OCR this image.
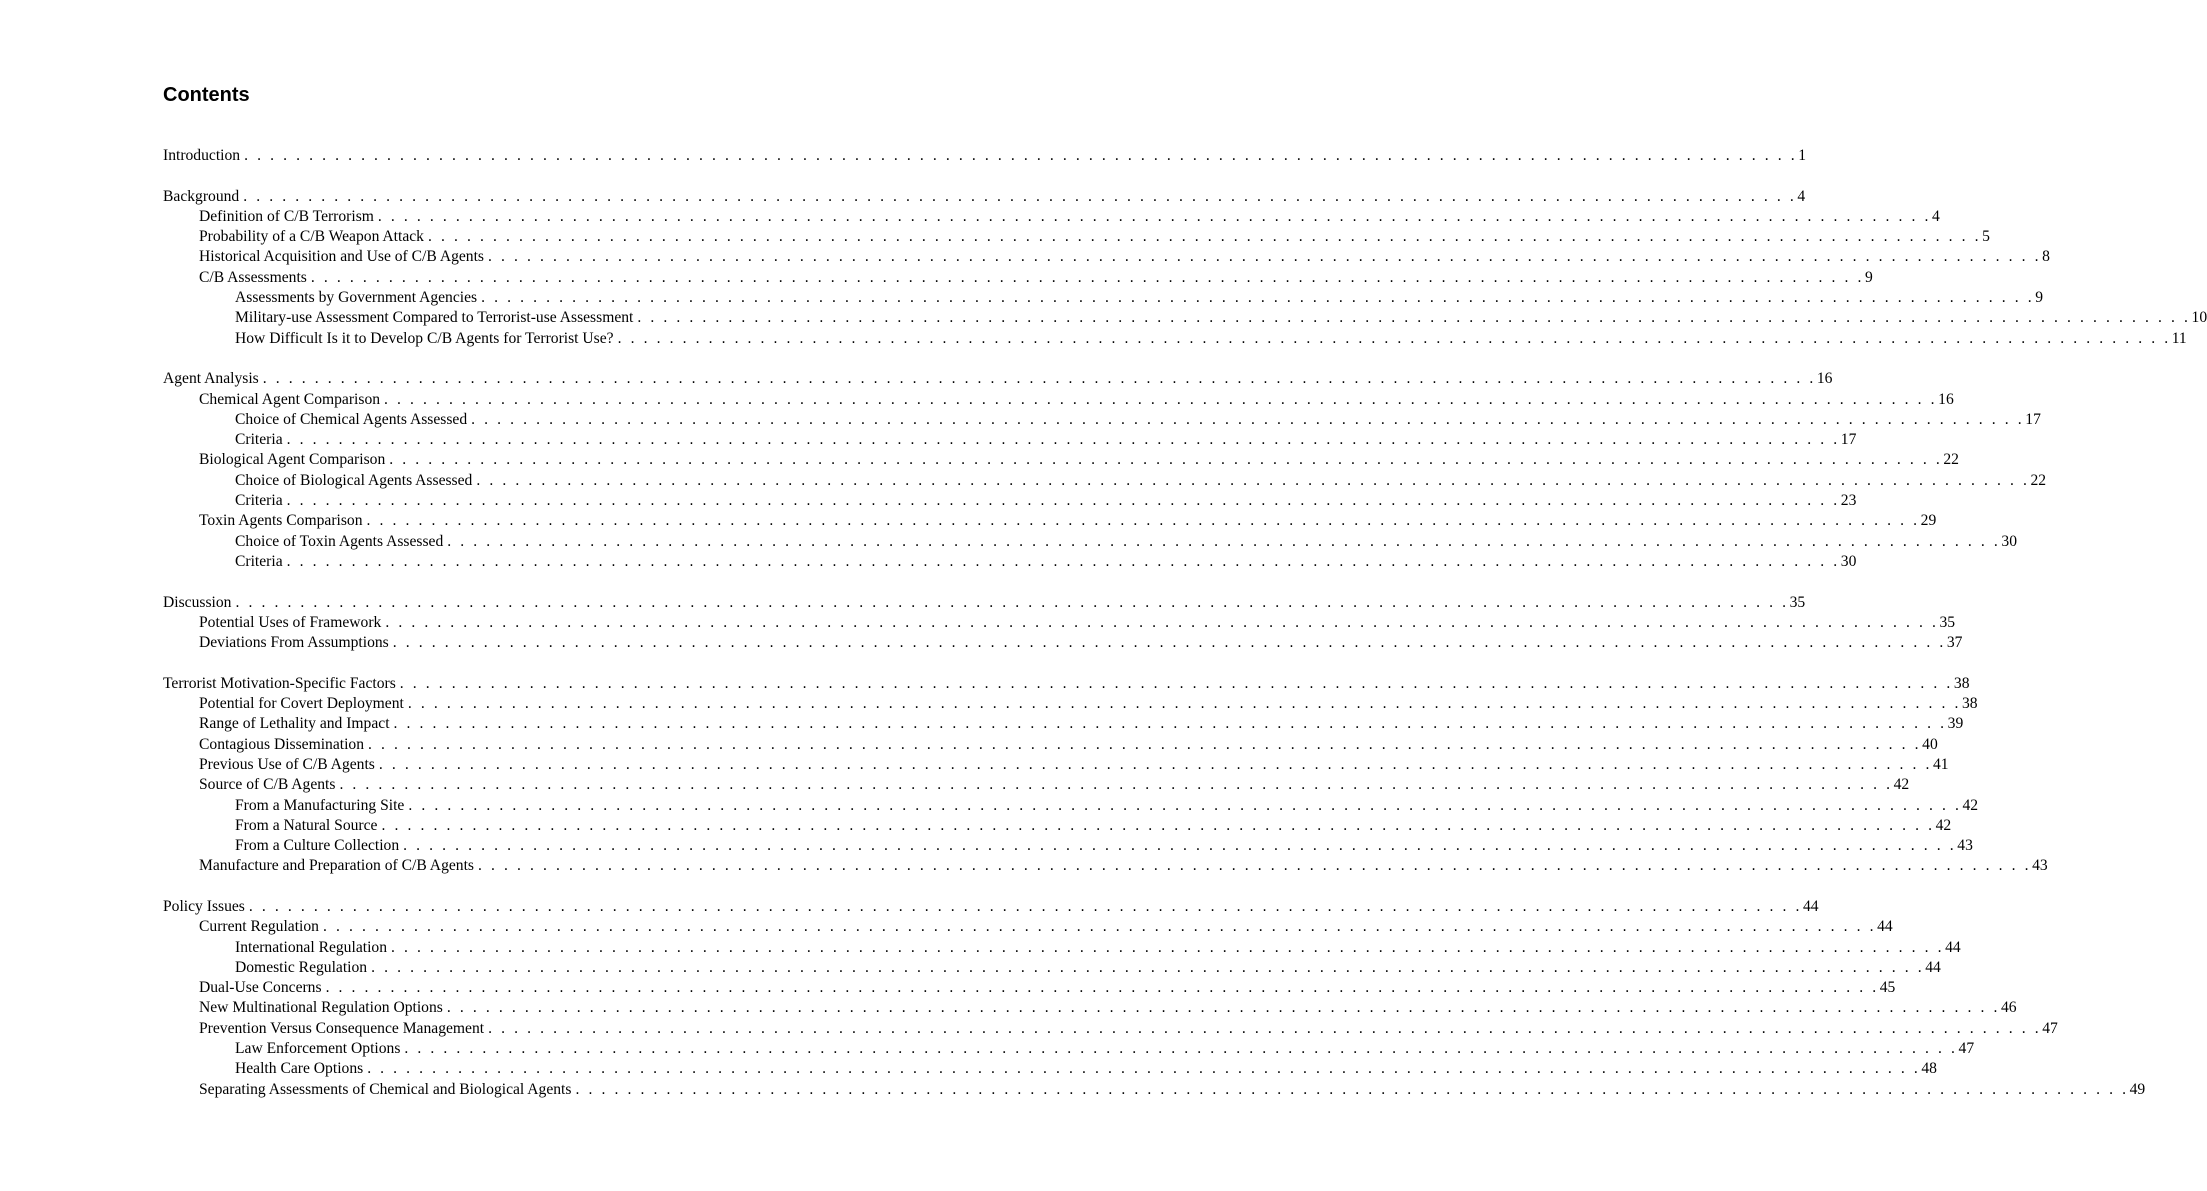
Contents
Introduction . . . . . . . . . . . . . . . . . . . . . . . . . . . . . . . . . . . . . . . . . . . . . . . . . . . . . . . . . . . . . . . . . . . . . . . . . . . . . . . . . . . . . . . . . . . . . . . . . . . . . . . . . . . . . . . . . . . . . . . . 1
Background . . . . . . . . . . . . . . . . . . . . . . . . . . . . . . . . . . . . . . . . . . . . . . . . . . . . . . . . . . . . . . . . . . . . . . . . . . . . . . . . . . . . . . . . . . . . . . . . . . . . . . . . . . . . . . . . . . . . . . . . 4
Definition of C/B Terrorism . . . . . . . . . . . . . . . . . . . . . . . . . . . . . . . . . . . . . . . . . . . . . . . . . . . . . . . . . . . . . . . . . . . . . . . . . . . . . . . . . . . . . . . . . . . . . . . . . . . . . . . . . . . . . . . . . . . . . . . . 4
Probability of a C/B Weapon Attack . . . . . . . . . . . . . . . . . . . . . . . . . . . . . . . . . . . . . . . . . . . . . . . . . . . . . . . . . . . . . . . . . . . . . . . . . . . . . . . . . . . . . . . . . . . . . . . . . . . . . . . . . . . . . . . . . . . . . . . . 5
Historical Acquisition and Use of C/B Agents . . . . . . . . . . . . . . . . . . . . . . . . . . . . . . . . . . . . . . . . . . . . . . . . . . . . . . . . . . . . . . . . . . . . . . . . . . . . . . . . . . . . . . . . . . . . . . . . . . . . . . . . . . . . . . . . . . . . . . . . 8
C/B Assessments . . . . . . . . . . . . . . . . . . . . . . . . . . . . . . . . . . . . . . . . . . . . . . . . . . . . . . . . . . . . . . . . . . . . . . . . . . . . . . . . . . . . . . . . . . . . . . . . . . . . . . . . . . . . . . . . . . . . . . . . 9
Assessments by Government Agencies . . . . . . . . . . . . . . . . . . . . . . . . . . . . . . . . . . . . . . . . . . . . . . . . . . . . . . . . . . . . . . . . . . . . . . . . . . . . . . . . . . . . . . . . . . . . . . . . . . . . . . . . . . . . . . . . . . . . . . . . 9
Military-use Assessment Compared to Terrorist-use Assessment . . . . . . . . . . . . . . . . . . . . . . . . . . . . . . . . . . . . . . . . . . . . . . . . . . . . . . . . . . . . . . . . . . . . . . . . . . . . . . . . . . . . . . . . . . . . . . . . . . . . . . . . . . . . . . . . . . . . . . . . 10
How Difficult Is it to Develop C/B Agents for Terrorist Use? . . . . . . . . . . . . . . . . . . . . . . . . . . . . . . . . . . . . . . . . . . . . . . . . . . . . . . . . . . . . . . . . . . . . . . . . . . . . . . . . . . . . . . . . . . . . . . . . . . . . . . . . . . . . . . . . . . . . . . . . 11
Agent Analysis . . . . . . . . . . . . . . . . . . . . . . . . . . . . . . . . . . . . . . . . . . . . . . . . . . . . . . . . . . . . . . . . . . . . . . . . . . . . . . . . . . . . . . . . . . . . . . . . . . . . . . . . . . . . . . . . . . . . . . . . 16
Chemical Agent Comparison . . . . . . . . . . . . . . . . . . . . . . . . . . . . . . . . . . . . . . . . . . . . . . . . . . . . . . . . . . . . . . . . . . . . . . . . . . . . . . . . . . . . . . . . . . . . . . . . . . . . . . . . . . . . . . . . . . . . . . . . 16
Choice of Chemical Agents Assessed . . . . . . . . . . . . . . . . . . . . . . . . . . . . . . . . . . . . . . . . . . . . . . . . . . . . . . . . . . . . . . . . . . . . . . . . . . . . . . . . . . . . . . . . . . . . . . . . . . . . . . . . . . . . . . . . . . . . . . . . 17
Criteria . . . . . . . . . . . . . . . . . . . . . . . . . . . . . . . . . . . . . . . . . . . . . . . . . . . . . . . . . . . . . . . . . . . . . . . . . . . . . . . . . . . . . . . . . . . . . . . . . . . . . . . . . . . . . . . . . . . . . . . . 17
Biological Agent Comparison . . . . . . . . . . . . . . . . . . . . . . . . . . . . . . . . . . . . . . . . . . . . . . . . . . . . . . . . . . . . . . . . . . . . . . . . . . . . . . . . . . . . . . . . . . . . . . . . . . . . . . . . . . . . . . . . . . . . . . . . 22
Choice of Biological Agents Assessed . . . . . . . . . . . . . . . . . . . . . . . . . . . . . . . . . . . . . . . . . . . . . . . . . . . . . . . . . . . . . . . . . . . . . . . . . . . . . . . . . . . . . . . . . . . . . . . . . . . . . . . . . . . . . . . . . . . . . . . . 22
Criteria . . . . . . . . . . . . . . . . . . . . . . . . . . . . . . . . . . . . . . . . . . . . . . . . . . . . . . . . . . . . . . . . . . . . . . . . . . . . . . . . . . . . . . . . . . . . . . . . . . . . . . . . . . . . . . . . . . . . . . . . 23
Toxin Agents Comparison . . . . . . . . . . . . . . . . . . . . . . . . . . . . . . . . . . . . . . . . . . . . . . . . . . . . . . . . . . . . . . . . . . . . . . . . . . . . . . . . . . . . . . . . . . . . . . . . . . . . . . . . . . . . . . . . . . . . . . . . 29
Choice of Toxin Agents Assessed . . . . . . . . . . . . . . . . . . . . . . . . . . . . . . . . . . . . . . . . . . . . . . . . . . . . . . . . . . . . . . . . . . . . . . . . . . . . . . . . . . . . . . . . . . . . . . . . . . . . . . . . . . . . . . . . . . . . . . . . 30
Criteria . . . . . . . . . . . . . . . . . . . . . . . . . . . . . . . . . . . . . . . . . . . . . . . . . . . . . . . . . . . . . . . . . . . . . . . . . . . . . . . . . . . . . . . . . . . . . . . . . . . . . . . . . . . . . . . . . . . . . . . . 30
Discussion . . . . . . . . . . . . . . . . . . . . . . . . . . . . . . . . . . . . . . . . . . . . . . . . . . . . . . . . . . . . . . . . . . . . . . . . . . . . . . . . . . . . . . . . . . . . . . . . . . . . . . . . . . . . . . . . . . . . . . . . 35
Potential Uses of Framework . . . . . . . . . . . . . . . . . . . . . . . . . . . . . . . . . . . . . . . . . . . . . . . . . . . . . . . . . . . . . . . . . . . . . . . . . . . . . . . . . . . . . . . . . . . . . . . . . . . . . . . . . . . . . . . . . . . . . . . . 35
Deviations From Assumptions . . . . . . . . . . . . . . . . . . . . . . . . . . . . . . . . . . . . . . . . . . . . . . . . . . . . . . . . . . . . . . . . . . . . . . . . . . . . . . . . . . . . . . . . . . . . . . . . . . . . . . . . . . . . . . . . . . . . . . . . 37
Terrorist Motivation-Specific Factors . . . . . . . . . . . . . . . . . . . . . . . . . . . . . . . . . . . . . . . . . . . . . . . . . . . . . . . . . . . . . . . . . . . . . . . . . . . . . . . . . . . . . . . . . . . . . . . . . . . . . . . . . . . . . . . . . . . . . . . . 38
Potential for Covert Deployment . . . . . . . . . . . . . . . . . . . . . . . . . . . . . . . . . . . . . . . . . . . . . . . . . . . . . . . . . . . . . . . . . . . . . . . . . . . . . . . . . . . . . . . . . . . . . . . . . . . . . . . . . . . . . . . . . . . . . . . . 38
Range of Lethality and Impact . . . . . . . . . . . . . . . . . . . . . . . . . . . . . . . . . . . . . . . . . . . . . . . . . . . . . . . . . . . . . . . . . . . . . . . . . . . . . . . . . . . . . . . . . . . . . . . . . . . . . . . . . . . . . . . . . . . . . . . . 39
Contagious Dissemination . . . . . . . . . . . . . . . . . . . . . . . . . . . . . . . . . . . . . . . . . . . . . . . . . . . . . . . . . . . . . . . . . . . . . . . . . . . . . . . . . . . . . . . . . . . . . . . . . . . . . . . . . . . . . . . . . . . . . . . . 40
Previous Use of C/B Agents . . . . . . . . . . . . . . . . . . . . . . . . . . . . . . . . . . . . . . . . . . . . . . . . . . . . . . . . . . . . . . . . . . . . . . . . . . . . . . . . . . . . . . . . . . . . . . . . . . . . . . . . . . . . . . . . . . . . . . . . 41
Source of C/B Agents . . . . . . . . . . . . . . . . . . . . . . . . . . . . . . . . . . . . . . . . . . . . . . . . . . . . . . . . . . . . . . . . . . . . . . . . . . . . . . . . . . . . . . . . . . . . . . . . . . . . . . . . . . . . . . . . . . . . . . . . 42
From a Manufacturing Site . . . . . . . . . . . . . . . . . . . . . . . . . . . . . . . . . . . . . . . . . . . . . . . . . . . . . . . . . . . . . . . . . . . . . . . . . . . . . . . . . . . . . . . . . . . . . . . . . . . . . . . . . . . . . . . . . . . . . . . . 42
From a Natural Source . . . . . . . . . . . . . . . . . . . . . . . . . . . . . . . . . . . . . . . . . . . . . . . . . . . . . . . . . . . . . . . . . . . . . . . . . . . . . . . . . . . . . . . . . . . . . . . . . . . . . . . . . . . . . . . . . . . . . . . . 42
From a Culture Collection . . . . . . . . . . . . . . . . . . . . . . . . . . . . . . . . . . . . . . . . . . . . . . . . . . . . . . . . . . . . . . . . . . . . . . . . . . . . . . . . . . . . . . . . . . . . . . . . . . . . . . . . . . . . . . . . . . . . . . . . 43
Manufacture and Preparation of C/B Agents . . . . . . . . . . . . . . . . . . . . . . . . . . . . . . . . . . . . . . . . . . . . . . . . . . . . . . . . . . . . . . . . . . . . . . . . . . . . . . . . . . . . . . . . . . . . . . . . . . . . . . . . . . . . . . . . . . . . . . . . 43
Policy Issues . . . . . . . . . . . . . . . . . . . . . . . . . . . . . . . . . . . . . . . . . . . . . . . . . . . . . . . . . . . . . . . . . . . . . . . . . . . . . . . . . . . . . . . . . . . . . . . . . . . . . . . . . . . . . . . . . . . . . . . . 44
Current Regulation . . . . . . . . . . . . . . . . . . . . . . . . . . . . . . . . . . . . . . . . . . . . . . . . . . . . . . . . . . . . . . . . . . . . . . . . . . . . . . . . . . . . . . . . . . . . . . . . . . . . . . . . . . . . . . . . . . . . . . . . 44
International Regulation . . . . . . . . . . . . . . . . . . . . . . . . . . . . . . . . . . . . . . . . . . . . . . . . . . . . . . . . . . . . . . . . . . . . . . . . . . . . . . . . . . . . . . . . . . . . . . . . . . . . . . . . . . . . . . . . . . . . . . . . 44
Domestic Regulation . . . . . . . . . . . . . . . . . . . . . . . . . . . . . . . . . . . . . . . . . . . . . . . . . . . . . . . . . . . . . . . . . . . . . . . . . . . . . . . . . . . . . . . . . . . . . . . . . . . . . . . . . . . . . . . . . . . . . . . . 44
Dual-Use Concerns . . . . . . . . . . . . . . . . . . . . . . . . . . . . . . . . . . . . . . . . . . . . . . . . . . . . . . . . . . . . . . . . . . . . . . . . . . . . . . . . . . . . . . . . . . . . . . . . . . . . . . . . . . . . . . . . . . . . . . . . 45
New Multinational Regulation Options . . . . . . . . . . . . . . . . . . . . . . . . . . . . . . . . . . . . . . . . . . . . . . . . . . . . . . . . . . . . . . . . . . . . . . . . . . . . . . . . . . . . . . . . . . . . . . . . . . . . . . . . . . . . . . . . . . . . . . . . 46
Prevention Versus Consequence Management . . . . . . . . . . . . . . . . . . . . . . . . . . . . . . . . . . . . . . . . . . . . . . . . . . . . . . . . . . . . . . . . . . . . . . . . . . . . . . . . . . . . . . . . . . . . . . . . . . . . . . . . . . . . . . . . . . . . . . . . 47
Law Enforcement Options . . . . . . . . . . . . . . . . . . . . . . . . . . . . . . . . . . . . . . . . . . . . . . . . . . . . . . . . . . . . . . . . . . . . . . . . . . . . . . . . . . . . . . . . . . . . . . . . . . . . . . . . . . . . . . . . . . . . . . . . 47
Health Care Options . . . . . . . . . . . . . . . . . . . . . . . . . . . . . . . . . . . . . . . . . . . . . . . . . . . . . . . . . . . . . . . . . . . . . . . . . . . . . . . . . . . . . . . . . . . . . . . . . . . . . . . . . . . . . . . . . . . . . . . . 48
Separating Assessments of Chemical and Biological Agents . . . . . . . . . . . . . . . . . . . . . . . . . . . . . . . . . . . . . . . . . . . . . . . . . . . . . . . . . . . . . . . . . . . . . . . . . . . . . . . . . . . . . . . . . . . . . . . . . . . . . . . . . . . . . . . . . . . . . . . . 49
